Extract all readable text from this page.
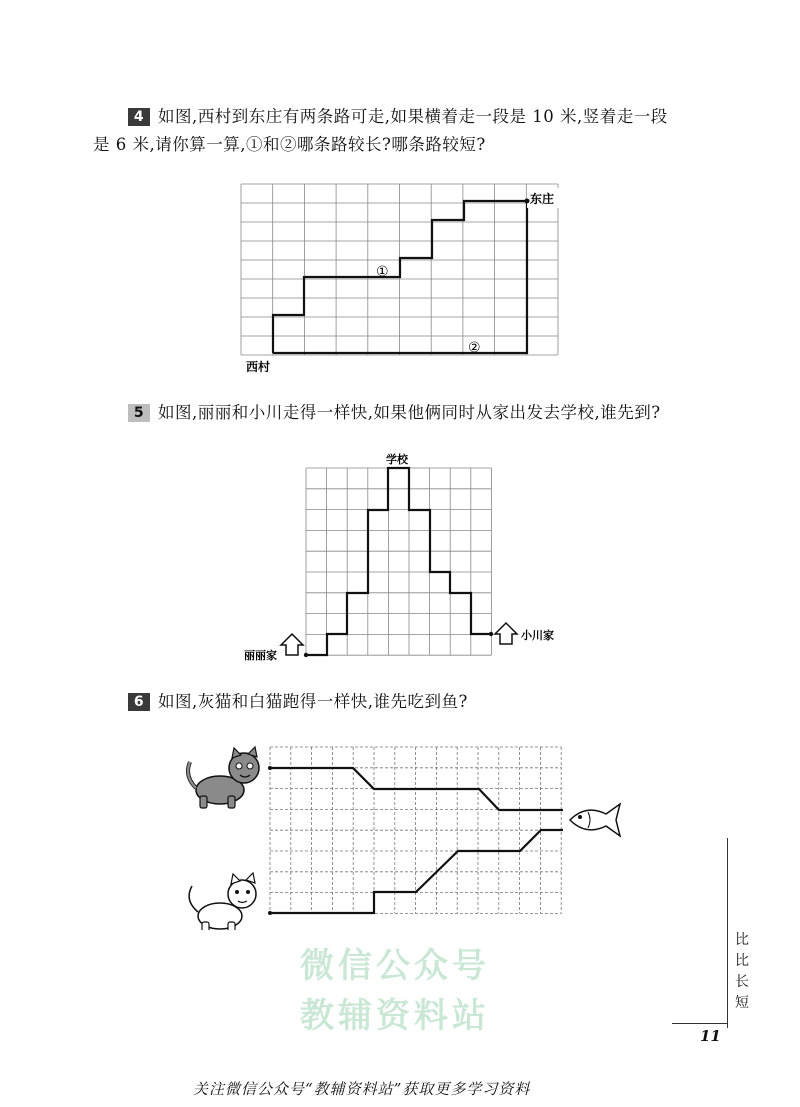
4 如图,西村到东庄有两条路可走,如果横着走一段是 10 米,竖着走一段
是 6 米,请你算一算,①和②哪条路较长?哪条路较短?
东庄
西村
①
②
5 如图,丽丽和小川走得一样快,如果他俩同时从家出发去学校,谁先到?
学校
丽丽家
小川家
6 如图,灰猫和白猫跑得一样快,谁先吃到鱼?
微信公众号
教辅资料站
比
比
长
短
11
关注微信公众号“教辅资料站”获取更多学习资料
